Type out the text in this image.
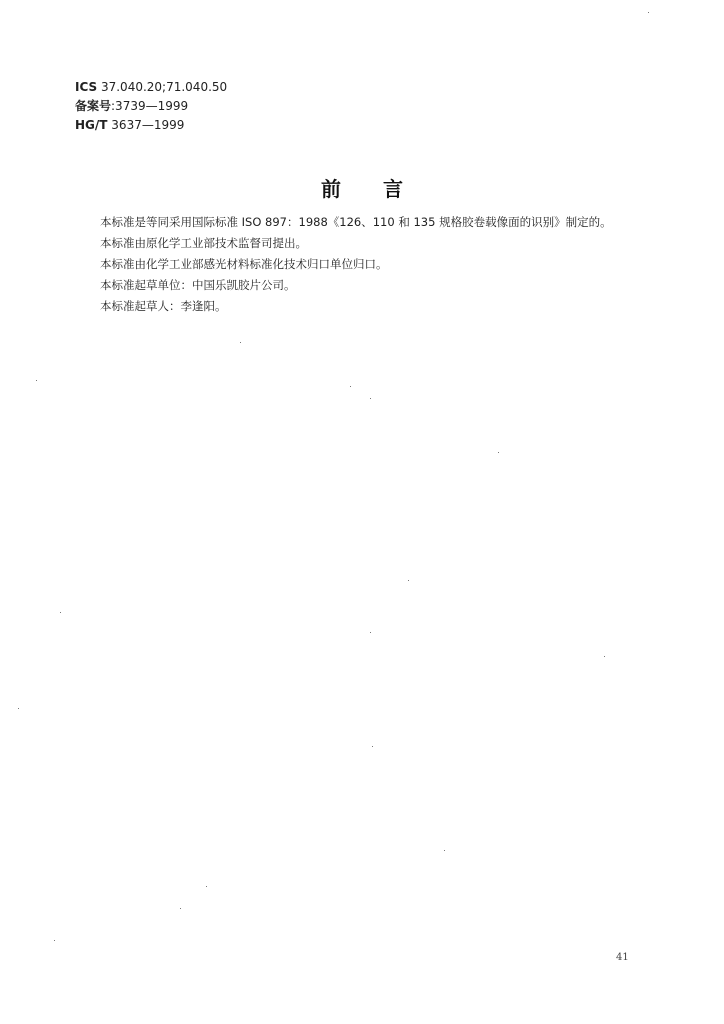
ICS 37.040.20;71.040.50
备案号:3739—1999
HG/T 3637—1999
前言
本标准是等同采用国际标准 ISO 897：1988《126、110 和 135 规格胶卷载像面的识别》制定的。
本标准由原化学工业部技术监督司提出。
本标准由化学工业部感光材料标准化技术归口单位归口。
本标准起草单位：中国乐凯胶片公司。
本标准起草人：李逢阳。
41
